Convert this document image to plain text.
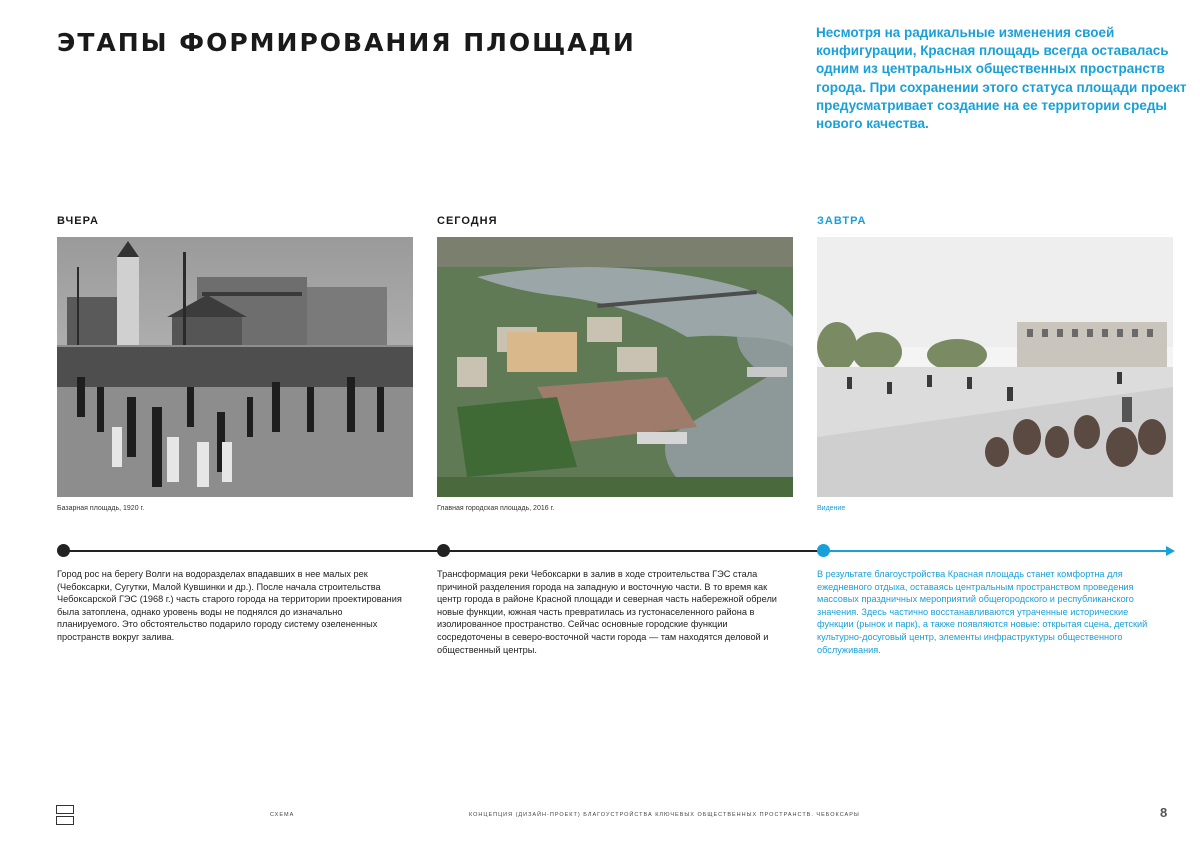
ЭТАПЫ ФОРМИРОВАНИЯ ПЛОЩАДИ	Несмотря на радикальные изменения своей конфигурации, Красная площадь всегда оставалась одним из центральных общественных пространств города. При сохранении этого статуса площади проект предусматривает создание на ее территории среды нового качества.
ВЧЕРА
Базарная площадь, 1920 г.
СЕГОДНЯ
Главная городская площадь, 2016 г.
ЗАВТРА
Видение
Город рос на берегу Волги на водоразделах впадавших в нее малых рек (Чебоксарки, Сугутки, Малой Кувшинки и др.). После начала строительства Чебоксарской ГЭС (1968 г.) часть старого города на территории проектирования была затоплена, однако уровень воды не поднялся до изначально планируемого. Это обстоятельство подарило городу систему озелененных пространств вокруг залива.
Трансформация реки Чебоксарки в залив в ходе строительства ГЭС стала причиной разделения города на западную и восточную части. В то время как центр города в районе Красной площади и северная часть набережной обрели новые функции, южная часть превратилась из густонаселенного района в изолированное пространство. Сейчас основные городские функции сосредоточены в северо-восточной части города — там находятся деловой и общественный центры.
В результате благоустройства Красная площадь станет комфортна для ежедневного отдыха, оставаясь центральным пространством проведения массовых праздничных мероприятий общегородского и республиканского значения. Здесь частично восстанавливаются утраченные исторические функции (рынок и парк), а также появляются новые: открытая сцена, детский культурно-досуговый центр, элементы инфраструктуры общественного обслуживания.
СХЕМА	КОНЦЕПЦИЯ (ДИЗАЙН-ПРОЕКТ) БЛАГОУСТРОЙСТВА КЛЮЧЕВЫХ ОБЩЕСТВЕННЫХ ПРОСТРАНСТВ. ЧЕБОКСАРЫ	8
